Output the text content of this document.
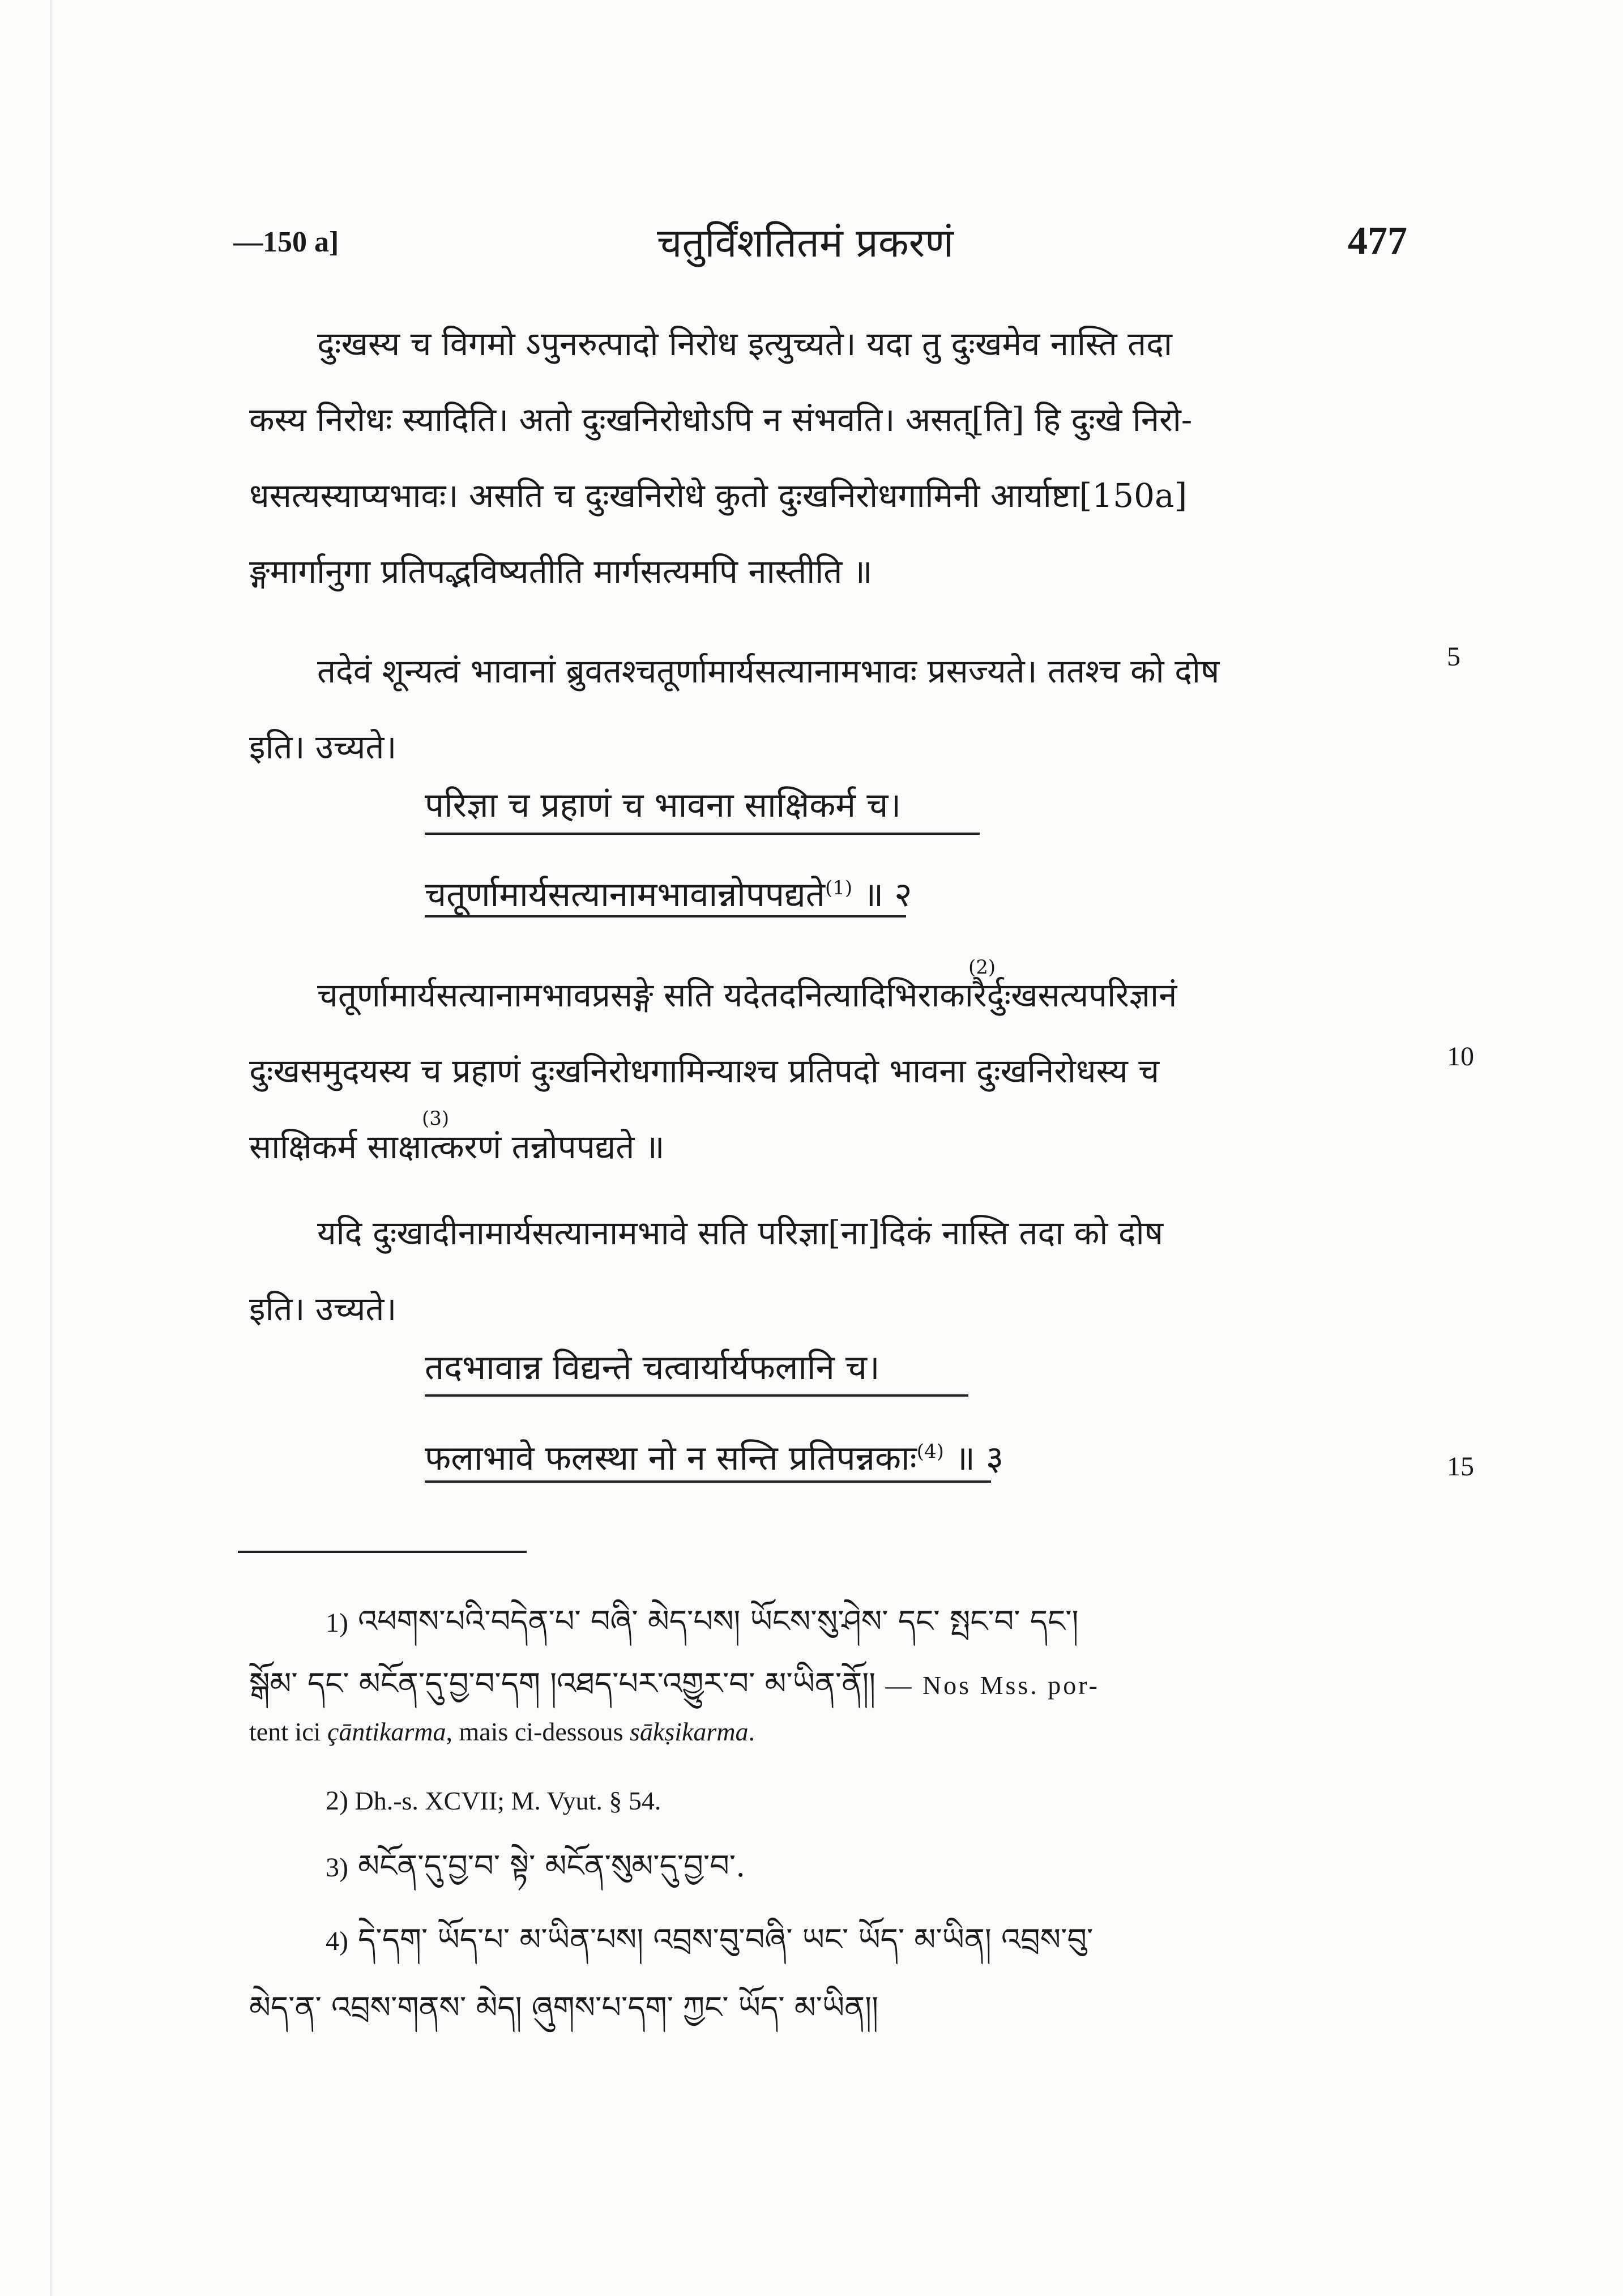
—150 a]	चतुर्विंशतितमं प्रकरणं	477
दुःखस्य च विगमो ऽपुनरुत्पादो निरोध इत्युच्यते। यदा तु दुःखमेव नास्ति तदा
कस्य निरोधः स्यादिति। अतो दुःखनिरोधोऽपि न संभवति। असत्[ति] हि दुःखे निरो-
धसत्यस्याप्यभावः। असति च दुःखनिरोधे कुतो दुःखनिरोधगामिनी आर्याष्टा[150a]
ङ्गमार्गानुगा प्रतिपद्भविष्यतीति मार्गसत्यमपि नास्तीति ॥
तदेवं शून्यत्वं भावानां ब्रुवतश्चतूर्णामार्यसत्यानामभावः प्रसज्यते। ततश्च को दोष
इति। उच्यते।
5
परिज्ञा च प्रहाणं च भावना साक्षिकर्म च।
चतूर्णामार्यसत्यानामभावान्नोपपद्यते$^{(1)}$ ॥ २
चतूर्णामार्यसत्यानामभावप्रसङ्गे सति यदेतदनित्यादिभिराकारैर्दुःखसत्यपरिज्ञानं
(2)
दुःखसमुदयस्य च प्रहाणं दुःखनिरोधगामिन्याश्च प्रतिपदो भावना दुःखनिरोधस्य च
साक्षिकर्म साक्षात्करणं तन्नोपपद्यते ॥
(3)
10
यदि दुःखादीनामार्यसत्यानामभावे सति परिज्ञा[ना]दिकं नास्ति तदा को दोष
इति। उच्यते।
तदभावान्न विद्यन्ते चत्वार्यार्यफलानि च।
फलाभावे फलस्था नो न सन्ति प्रतिपन्नकाः$^{(4)}$ ॥ ३	15
1) འཕགས་པའི་བདེན་པ་ བཞི་ མེད་པས། ཡོངས་སུ་ཤེས་ དང་ སྤང་བ་ དང་།
སྒོམ་ དང་ མངོན་དུ་བྱ་བ་དག །འཐད་པར་འགྱུར་བ་ མ་ཡིན་ནོ།། — Nos Mss. por-
tent ici çāntikarma, mais ci-dessous sākṣikarma.
2) Dh.-s. XCVII; M. Vyut. § 54.
3) མངོན་དུ་བྱ་བ་ སྟེ་ མངོན་སུམ་དུ་བྱ་བ་.
4) དེ་དག་ ཡོད་པ་ མ་ཡིན་པས། འབྲས་བུ་བཞི་ ཡང་ ཡོད་ མ་ཡིན། འབྲས་བུ་
མེད་ན་ འབྲས་གནས་ མེད། ཞུགས་པ་དག་ ཀྱང་ ཡོད་ མ་ཡིན།།
